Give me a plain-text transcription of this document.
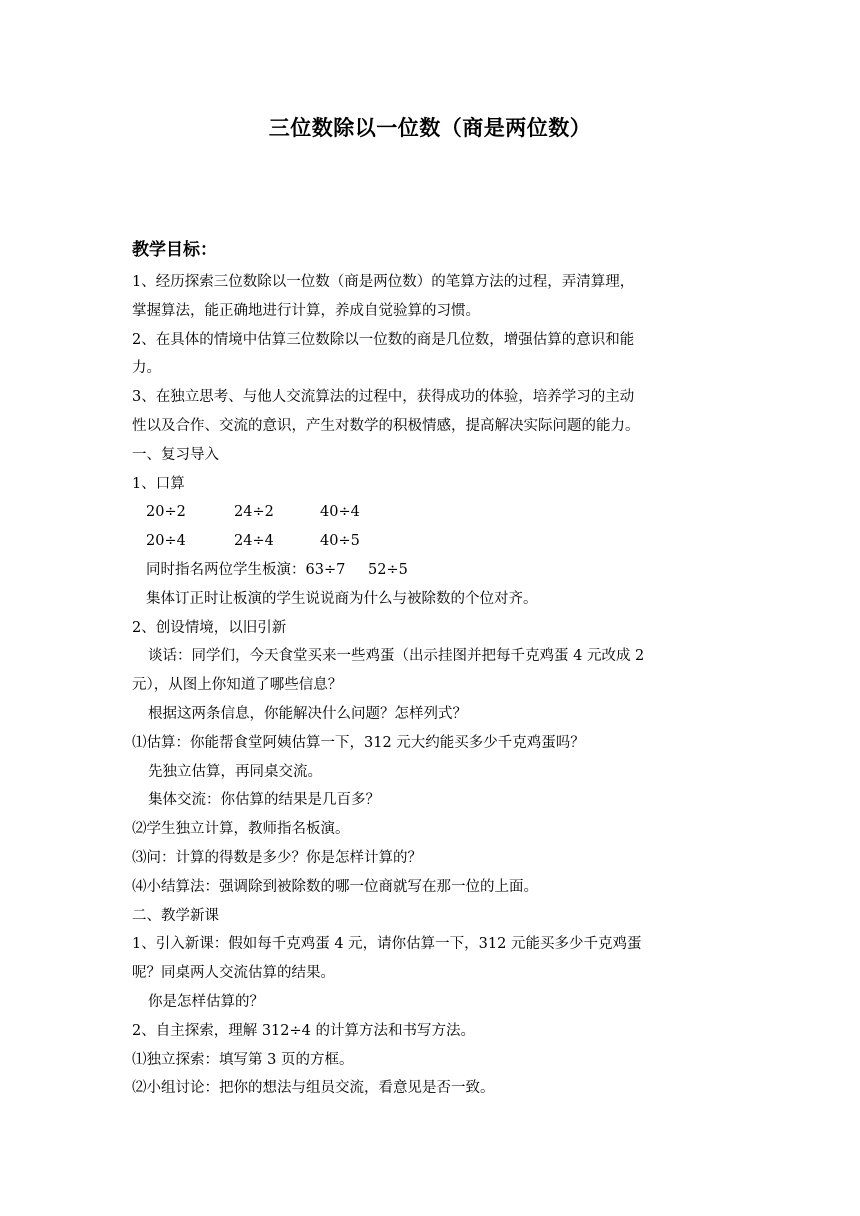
三位数除以一位数（商是两位数）
教学目标：
1、经历探索三位数除以一位数（商是两位数）的笔算方法的过程，弄清算理，
掌握算法，能正确地进行计算，养成自觉验算的习惯。
2、在具体的情境中估算三位数除以一位数的商是几位数，增强估算的意识和能
力。
3、在独立思考、与他人交流算法的过程中，获得成功的体验，培养学习的主动
性以及合作、交流的意识，产生对数学的积极情感，提高解决实际问题的能力。
一、复习导入
1、口算
20÷2	24÷2	40÷4
20÷4	24÷4	40÷5
同时指名两位学生板演：63÷7 52÷5
集体订正时让板演的学生说说商为什么与被除数的个位对齐。
2、创设情境，以旧引新
谈话：同学们，今天食堂买来一些鸡蛋（出示挂图并把每千克鸡蛋 4 元改成 2
元），从图上你知道了哪些信息？
根据这两条信息，你能解决什么问题？怎样列式？
⑴估算：你能帮食堂阿姨估算一下，312 元大约能买多少千克鸡蛋吗？
先独立估算，再同桌交流。
集体交流：你估算的结果是几百多？
⑵学生独立计算，教师指名板演。
⑶问：计算的得数是多少？你是怎样计算的？
⑷小结算法：强调除到被除数的哪一位商就写在那一位的上面。
二、教学新课
1、引入新课：假如每千克鸡蛋 4 元，请你估算一下，312 元能买多少千克鸡蛋
呢？同桌两人交流估算的结果。
你是怎样估算的？
2、自主探索，理解 312÷4 的计算方法和书写方法。
⑴独立探索：填写第 3 页的方框。
⑵小组讨论：把你的想法与组员交流，看意见是否一致。
